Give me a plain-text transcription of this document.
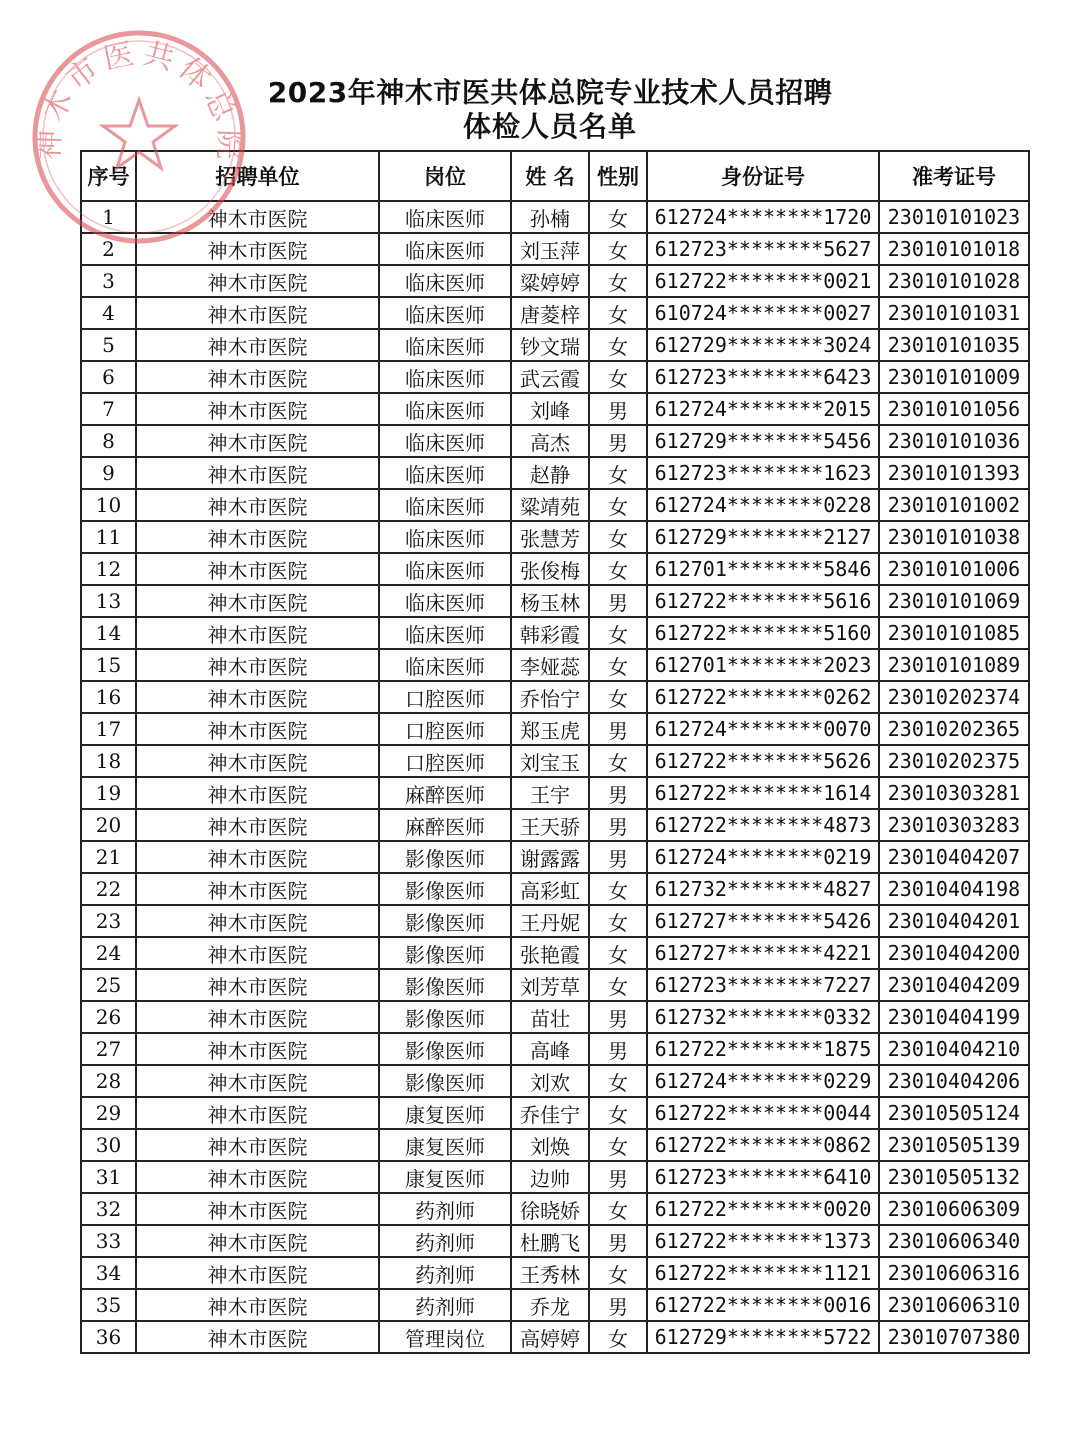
神木市医共体总院
2023年神木市医共体总院专业技术人员招聘
体检人员名单
序号	招聘单位	岗位	姓 名	性别	身份证号	准考证号
1	神木市医院	临床医师	孙楠	女	612724********1720	23010101023
2	神木市医院	临床医师	刘玉萍	女	612723********5627	23010101018
3	神木市医院	临床医师	粱婷婷	女	612722********0021	23010101028
4	神木市医院	临床医师	唐菱梓	女	610724********0027	23010101031
5	神木市医院	临床医师	钞文瑞	女	612729********3024	23010101035
6	神木市医院	临床医师	武云霞	女	612723********6423	23010101009
7	神木市医院	临床医师	刘峰	男	612724********2015	23010101056
8	神木市医院	临床医师	高杰	男	612729********5456	23010101036
9	神木市医院	临床医师	赵静	女	612723********1623	23010101393
10	神木市医院	临床医师	粱靖苑	女	612724********0228	23010101002
11	神木市医院	临床医师	张慧芳	女	612729********2127	23010101038
12	神木市医院	临床医师	张俊梅	女	612701********5846	23010101006
13	神木市医院	临床医师	杨玉林	男	612722********5616	23010101069
14	神木市医院	临床医师	韩彩霞	女	612722********5160	23010101085
15	神木市医院	临床医师	李娅蕊	女	612701********2023	23010101089
16	神木市医院	口腔医师	乔怡宁	女	612722********0262	23010202374
17	神木市医院	口腔医师	郑玉虎	男	612724********0070	23010202365
18	神木市医院	口腔医师	刘宝玉	女	612722********5626	23010202375
19	神木市医院	麻醉医师	王宇	男	612722********1614	23010303281
20	神木市医院	麻醉医师	王天骄	男	612722********4873	23010303283
21	神木市医院	影像医师	谢露露	男	612724********0219	23010404207
22	神木市医院	影像医师	高彩虹	女	612732********4827	23010404198
23	神木市医院	影像医师	王丹妮	女	612727********5426	23010404201
24	神木市医院	影像医师	张艳霞	女	612727********4221	23010404200
25	神木市医院	影像医师	刘芳草	女	612723********7227	23010404209
26	神木市医院	影像医师	苗壮	男	612732********0332	23010404199
27	神木市医院	影像医师	高峰	男	612722********1875	23010404210
28	神木市医院	影像医师	刘欢	女	612724********0229	23010404206
29	神木市医院	康复医师	乔佳宁	女	612722********0044	23010505124
30	神木市医院	康复医师	刘焕	女	612722********0862	23010505139
31	神木市医院	康复医师	边帅	男	612723********6410	23010505132
32	神木市医院	药剂师	徐晓娇	女	612722********0020	23010606309
33	神木市医院	药剂师	杜鹏飞	男	612722********1373	23010606340
34	神木市医院	药剂师	王秀林	女	612722********1121	23010606316
35	神木市医院	药剂师	乔龙	男	612722********0016	23010606310
36	神木市医院	管理岗位	高婷婷	女	612729********5722	23010707380
